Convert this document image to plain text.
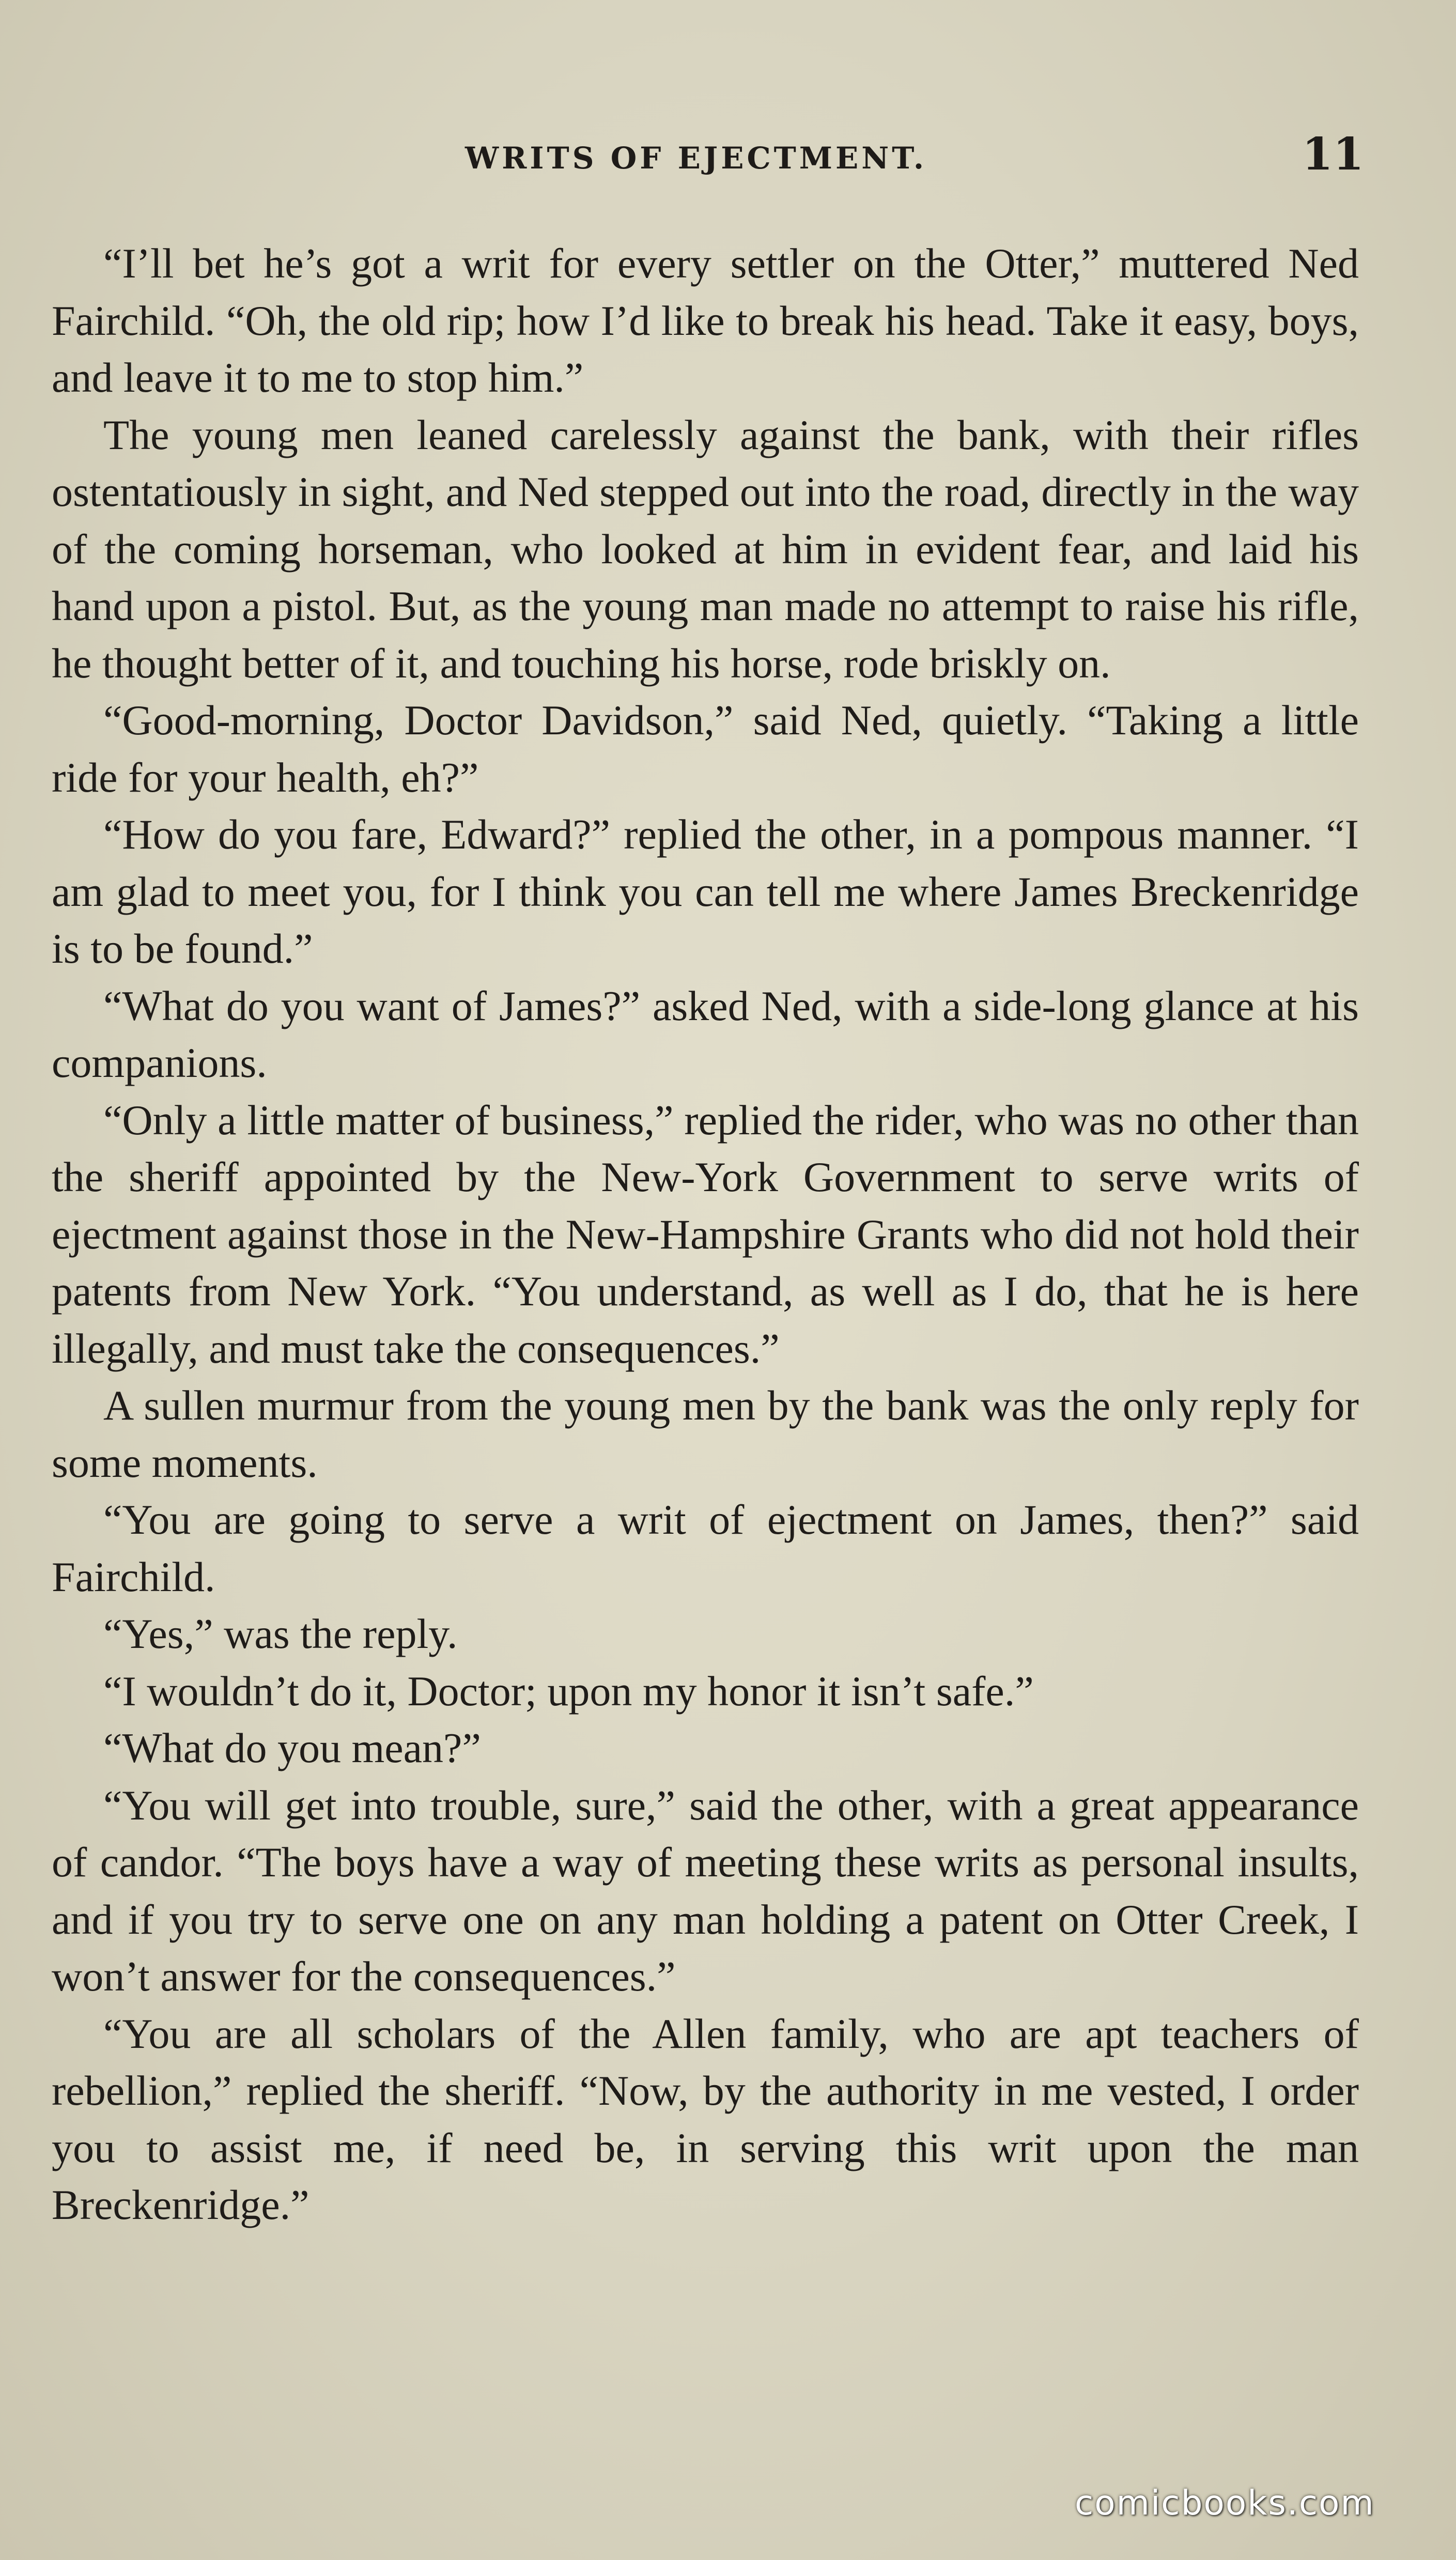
WRITS OF EJECTMENT.	11

“I’ll bet he’s got a writ for every settler on the Otter,” muttered Ned Fairchild. “Oh, the old rip; how I’d like to break his head. Take it easy, boys, and leave it to me to stop him.”

The young men leaned carelessly against the bank, with their rifles ostentatiously in sight, and Ned stepped out into the road, directly in the way of the coming horseman, who looked at him in evident fear, and laid his hand upon a pistol. But, as the young man made no attempt to raise his rifle, he thought better of it, and touching his horse, rode briskly on.

“Good-morning, Doctor Davidson,” said Ned, quietly. “Taking a little ride for your health, eh?”

“How do you fare, Edward?” replied the other, in a pompous manner. “I am glad to meet you, for I think you can tell me where James Breckenridge is to be found.”

“What do you want of James?” asked Ned, with a side-long glance at his companions.

“Only a little matter of business,” replied the rider, who was no other than the sheriff appointed by the New-York Government to serve writs of ejectment against those in the New-Hampshire Grants who did not hold their patents from New York. “You understand, as well as I do, that he is here illegally, and must take the consequences.”

A sullen murmur from the young men by the bank was the only reply for some moments.

“You are going to serve a writ of ejectment on James, then?” said Fairchild.

“Yes,” was the reply.

“I wouldn’t do it, Doctor; upon my honor it isn’t safe.”

“What do you mean?”

“You will get into trouble, sure,” said the other, with a great appearance of candor. “The boys have a way of meeting these writs as personal insults, and if you try to serve one on any man holding a patent on Otter Creek, I won’t answer for the consequences.”

“You are all scholars of the Allen family, who are apt teachers of rebellion,” replied the sheriff. “Now, by the authority in me vested, I order you to assist me, if need be, in serving this writ upon the man Breckenridge.”

comicbooks.com
